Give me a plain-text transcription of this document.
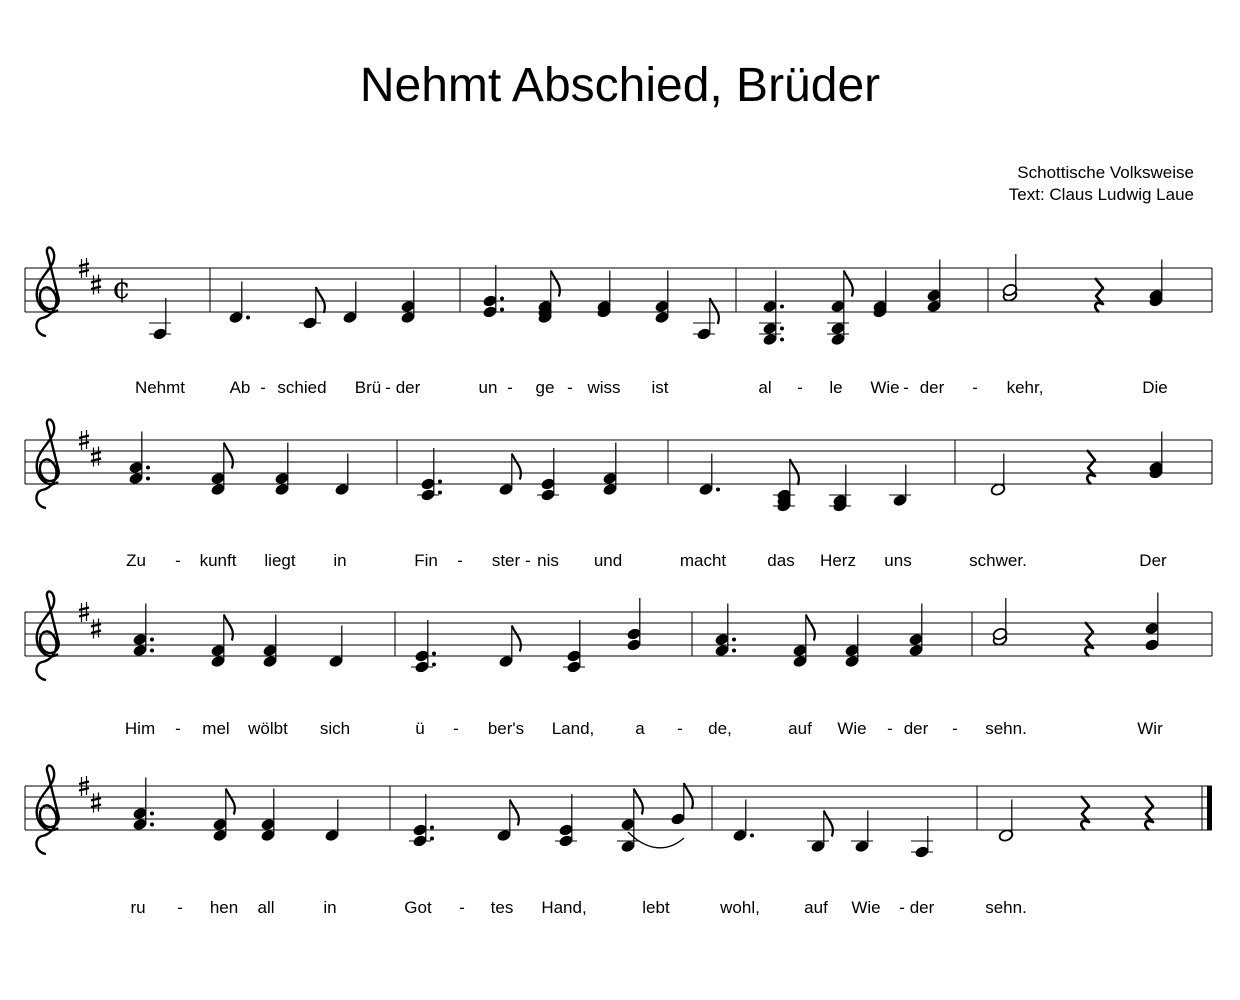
Nehmt Abschied, Brüder
Schottische Volksweise
Text: Claus Ludwig Laue
¢
Nehmt	Ab - schied Brü - der	un - ge - wiss ist	al - le Wie - der - kehr,	Die
Zu - kunft liegt in	Fin - ster - nis und	macht das Herz uns	schwer.	Der
Him - mel wölbt sich	ü - ber's Land, a - de,	auf Wie - der - sehn.	Wir
ru - hen all	in	Got - tes Hand,	lebt	wohl,	auf Wie - der	sehn.
